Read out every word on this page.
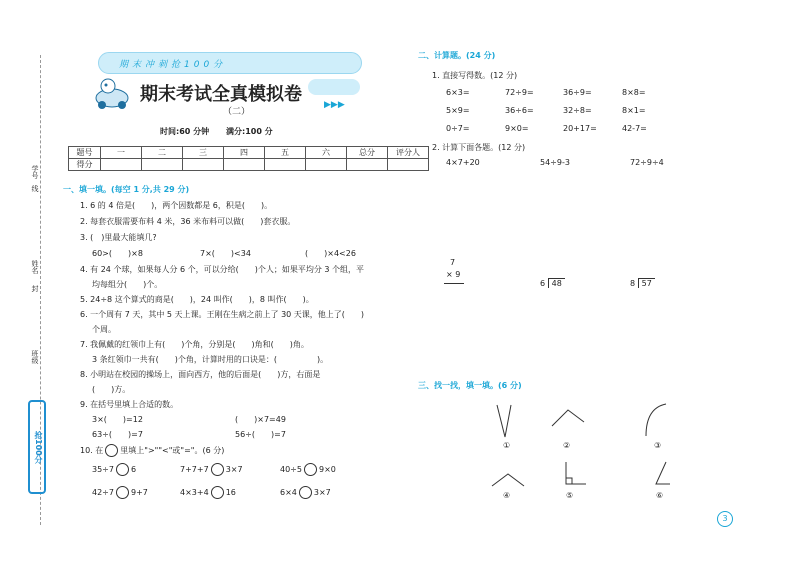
学号
线
姓名
封
班级
抢100分
期末冲刺抢100分
期末考试全真模拟卷 ▶▶▶
（二）
时间:60 分钟 满分:100 分
题号	一	二	三	四	五	六	总分	评分人
得分								
一、填一填。(每空 1 分,共 29 分)
1. 6 的 4 倍是(　　)，两个因数都是 6，积是(　　)。
2. 每套衣服需要布料 4 米，36 米布料可以做(　　)套衣服。
3. (　)里最大能填几?
60>(　　)×8	7×(　　)<34	(　　)×4<26
4. 有 24 个球，如果每人分 6 个，可以分给(　　)个人；如果平均分 3 个组，平
均每组分(　　)个。
5. 24÷8 这个算式的商是(　　)，24 叫作(　　)，8 叫作(　　)。
6. 一个周有 7 天，其中 5 天上课。王刚在生病之前上了 30 天课，他上了(　　)
个周。
7. 我佩戴的红领巾上有(　　)个角，分别是(　　)角和(　　)角。
3 条红领巾一共有(　　)个角，计算时用的口诀是：(　　　　　)。
8. 小明站在校园的操场上，面向西方，他的后面是(　　)方，右面是
(　　)方。
9. 在括号里填上合适的数。
3×(　　)=12	(　　)×7=49
63÷(　　)=7	56÷(　　)=7
10. 在 里填上">""<"或"="。(6 分)
35÷7 6	7+7+7 3×7	40÷5 9×0
42÷7 9+7	4×3+4 16	6×4 3×7
二、计算题。(24 分)
1. 直接写得数。(12 分)
6×3=	72÷9=	36÷9=	8×8=
5×9=	36÷6=	32÷8=	8×1=
0÷7=	9×0=	20+17=	42-7=
2. 计算下面各题。(12 分)
4×7+20	54÷9-3	72÷9÷4
7
× 9
6 48	8 57
三、找一找，填一填。(6 分)
①	②	③
④	⑤	⑥
3
